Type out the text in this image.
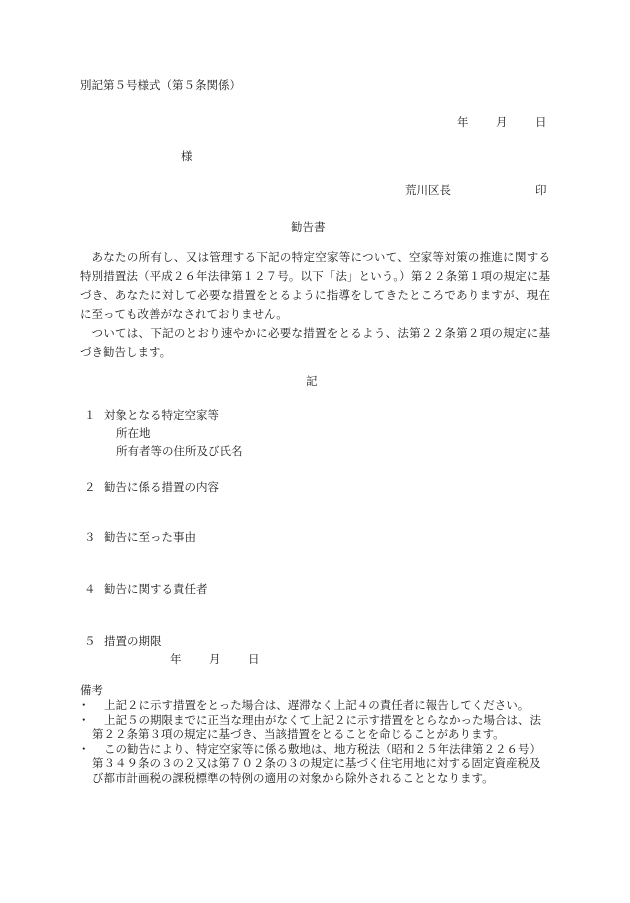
別記第５号様式（第５条関係）
年 月 日
様
荒川区長	印
勧告書
あなたの所有し、又は管理する下記の特定空家等について、空家等対策の推進に関する特別措置法（平成２６年法律第１２７号。以下「法」という。）第２２条第１項の規定に基づき、あなたに対して必要な措置をとるように指導をしてきたところでありますが、現在に至っても改善がなされておりません。
ついては、下記のとおり速やかに必要な措置をとるよう、法第２２条第２項の規定に基づき勧告します。
記
１ 対象となる特定空家等
所在地
所有者等の住所及び氏名
２ 勧告に係る措置の内容
３ 勧告に至った事由
４ 勧告に関する責任者
５ 措置の期限
年 月 日
備考
・	上記２に示す措置をとった場合は、遅滞なく上記４の責任者に報告してください。
・	上記５の期限までに正当な理由がなくて上記２に示す措置をとらなかった場合は、法第２２条第３項の規定に基づき、当該措置をとることを命じることがあります。
・	この勧告により、特定空家等に係る敷地は、地方税法（昭和２５年法律第２２６号）第３４９条の３の２又は第７０２条の３の規定に基づく住宅用地に対する固定資産税及び都市計画税の課税標準の特例の適用の対象から除外されることとなります。
